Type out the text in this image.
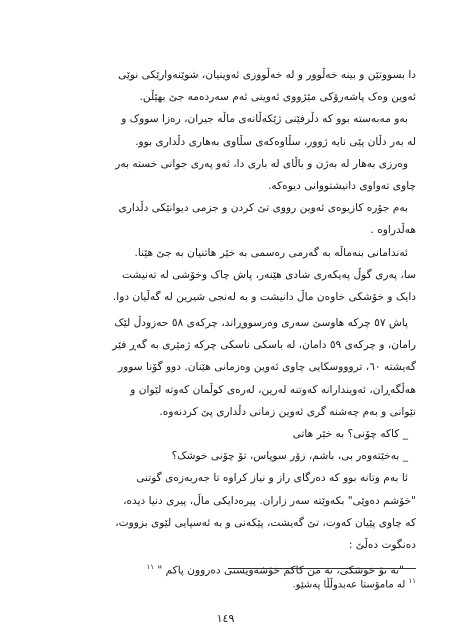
دا بسووتێن و بینە خەڵوور و لە خەڵووزی ئەوینیان، شوێنەوارێکی نوێی
ئەوین وەک پاشەرۆکی مێژووی ئەوینی ئەم سەردەمە جێ بهێڵن.
بەو مەبەستە بوو کە دڵرفێنی ژێکەڵانەی ماڵە جیران، رەزا سووک و
لە بەر دڵان پێی نایە ژوور، سڵاوەکەی سڵاوی بەهاری دڵداری بوو.
وەرزی بەهار لە بەژن و باڵای لە باری دا، ئەو پەری جوانی خستە بەر
چاوی تەواوی دانیشتووانی دیوەکە.
بەم جۆرە کازیوەی ئەوین رووی تێ کردن و جزمی دیوانێکی دڵداری
هەڵدراوە .
ئەندامانی بنەماڵە بە گەرمی رەسمی بە خێر هاتنیان بە جێ هێنا.
سا، پەری گوڵ پەیکەری شادی هێنەر، پاش چاک وخۆشی لە تەنیشت
دایک و خۆشکی خاوەن ماڵ دانیشت و بە لەنجی شیرین لە گەڵیان دوا.
پاش ٥٧ چرکە هاوسێ سەری وەرسووڕاند، چرکەی ٥٨ حەزودڵ لێک
رامان، و چرکەی ٥٩ دامان، لە باسکی ناسکی چرکە ژمێری بە گەڕ فێر
گەیشتە ٦٠، تروووسکایی چاوی ئەوین وەزمانی هێنان. دوو گۆنا سوور
هەڵگەڕان، ئەویندارانە کەوتنە لەرین، لەرەی کوڵمان کەوتە لێوان و
نێوانی و بەم چەشنە گری ئەوین زمانی دڵداری پێ کردنەوە.
_ کاکە چۆنی؟ بە خێر هاتی
_ بەخێتەوەر بی، باشم، زۆر سوپاس، تۆ چۆنی خوشک؟
ئا بەم وتانە بوو کە دەرگای راز و نیاز کراوە تا جەربەزەی گوتنی
"خۆشم دەوێی" بکەوێتە سەر زاران. پیرەدایکی ماڵ، پیری دنیا دیدە،
کە چاوی پێیان کەوت، تێ گەیشت، پێکەنی و بە ئەسپایی لێوی بزووت،
دەنگوت دەڵێ :
"نە تۆ خوشکی، نە من کاکم خۆشەویستی دەروون پاکم " $^{١١}$
$^{١١}$ لە مامۆستا عەبدوڵڵا پەشێو.
١٤٩
